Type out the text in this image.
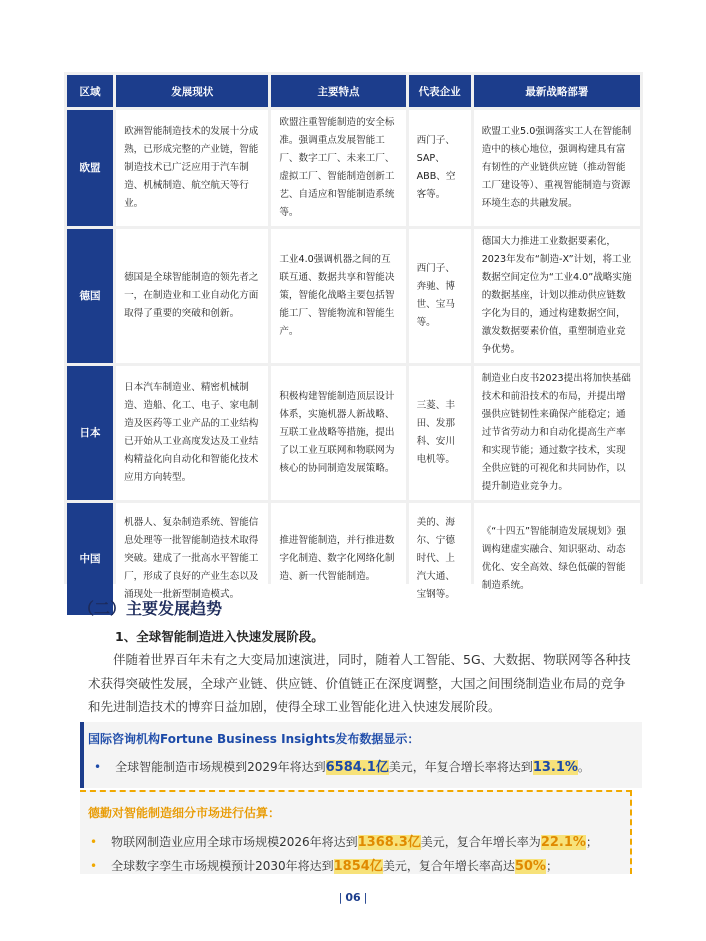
区域	发展现状	主要特点	代表企业	最新战略部署
欧盟	欧洲智能制造技术的发展十分成熟，已形成完整的产业链，智能制造技术已广泛应用于汽车制造、机械制造、航空航天等行业。	欧盟注重智能制造的安全标准。强调重点发展智能工厂、数字工厂、未来工厂、虚拟工厂、智能制造创新工艺、自适应和智能制造系统等。	西门子、SAP、ABB、空客等。	欧盟工业5.0强调落实工人在智能制造中的核心地位，强调构建具有富有韧性的产业链供应链（推动智能工厂建设等）、重视智能制造与资源环境生态的共融发展。
德国	德国是全球智能制造的领先者之一，在制造业和工业自动化方面取得了重要的突破和创新。	工业4.0强调机器之间的互联互通、数据共享和智能决策，智能化战略主要包括智能工厂、智能物流和智能生产。	西门子、奔驰、博世、宝马等。	德国大力推进工业数据要素化，2023年发布“制造-X”计划，将工业数据空间定位为“工业4.0”战略实施的数据基座，计划以推动供应链数字化为目的，通过构建数据空间，激发数据要素价值，重塑制造业竞争优势。
日本	日本汽车制造业、精密机械制造、造船、化工、电子、家电制造及医药等工业产品的工业结构已开始从工业高度发达及工业结构精益化向自动化和智能化技术应用方向转型。	积极构建智能制造顶层设计体系，实施机器人新战略、互联工业战略等措施，提出了以工业互联网和物联网为核心的协同制造发展策略。	三菱、丰田、发那科、安川电机等。	制造业白皮书2023提出将加快基础技术和前沿技术的布局，并提出增强供应链韧性来确保产能稳定；通过节省劳动力和自动化提高生产率和实现节能；通过数字技术，实现全供应链的可视化和共同协作，以提升制造业竞争力。
中国	机器人、复杂制造系统、智能信息处理等一批智能制造技术取得突破。建成了一批高水平智能工厂，形成了良好的产业生态以及涌现处一批新型制造模式。	推进智能制造，并行推进数字化制造、数字化网络化制造、新一代智能制造。	美的、海尔、宁德时代、上汽大通、宝钢等。	《“十四五”智能制造发展规划》强调构建虚实融合、知识驱动、动态优化、安全高效、绿色低碳的智能制造系统。
（二）主要发展趋势
1、全球智能制造进入快速发展阶段。
伴随着世界百年未有之大变局加速演进，同时，随着人工智能、5G、大数据、物联网等各种技术获得突破性发展，全球产业链、供应链、价值链正在深度调整，大国之间围绕制造业布局的竞争和先进制造技术的博弈日益加剧，使得全球工业智能化进入快速发展阶段。
国际咨询机构Fortune Business Insights发布数据显示：
• 全球智能制造市场规模到2029年将达到6584.1亿美元，年复合增长率将达到13.1%。
德勤对智能制造细分市场进行估算：
• 物联网制造业应用全球市场规模2026年将达到1368.3亿美元，复合年增长率为22.1%；
• 全球数字孪生市场规模预计2030年将达到1854亿美元，复合年增长率高达50%；
| 06 |
